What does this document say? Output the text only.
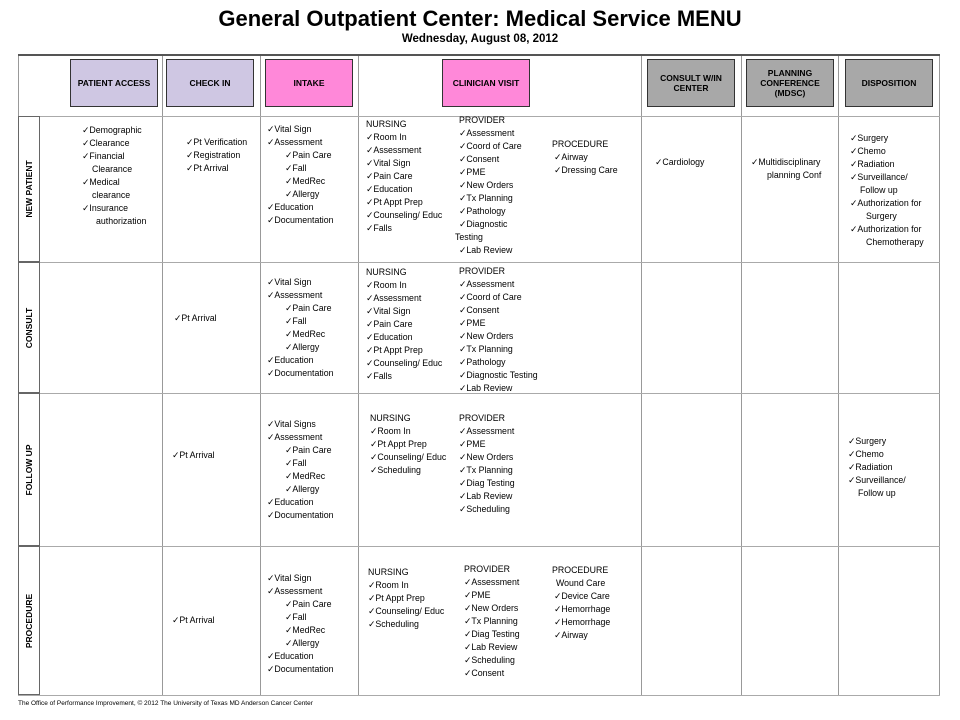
General Outpatient Center: Medical Service MENU
Wednesday, August 08, 2012
PATIENT ACCESS	CHECK IN	INTAKE	CLINICIAN VISIT	CONSULT W/IN CENTER
PLANNING CONFERENCE (MDSC)
DISPOSITION
NEW PATIENT
CONSULT
FOLLOW UP
PROCEDURE
✓ Demographic
✓ Clearance
✓ Financial
Clearance
✓ Medical
clearance
✓ Insurance
authorization
✓ Pt Verification
✓ Registration
✓ Pt Arrival
✓ Vital Sign
✓ Assessment
✓ Pain Care
✓ Fall
✓ MedRec
✓ Allergy
✓ Education
✓ Documentation
NURSING
✓ Room In
✓ Assessment
✓ Vital Sign
✓ Pain Care
✓ Education
✓ Pt Appt Prep
✓ Counseling/ Educ
✓ Falls
PROVIDER
✓ Assessment
✓ Coord of Care
✓ Consent
✓ PME
✓ New Orders
✓ Tx Planning
✓ Pathology
✓ Diagnostic
Testing
✓ Lab Review
PROCEDURE
✓ Airway
✓ Dressing Care
✓ Cardiology
✓	Multidisciplinary
planning Conf
✓ Surgery
✓ Chemo
✓ Radiation
✓ Surveillance/
Follow up
✓ Authorization for
Surgery
✓ Authorization for
Chemotherapy
✓ Pt Arrival
✓ Vital Sign
✓ Assessment
✓ Pain Care
✓ Fall
✓ MedRec
✓ Allergy
✓ Education
✓ Documentation
NURSING
✓ Room In
✓ Assessment
✓ Vital Sign
✓ Pain Care
✓ Education
✓ Pt Appt Prep
✓ Counseling/ Educ
✓ Falls
PROVIDER
✓ Assessment
✓ Coord of Care
✓ Consent
✓ PME
✓ New Orders
✓ Tx Planning
✓ Pathology
✓ Diagnostic Testing
✓ Lab Review
✓ Pt Arrival
✓ Vital Signs
✓ Assessment
✓ Pain Care
✓ Fall
✓ MedRec
✓ Allergy
✓ Education
✓ Documentation
NURSING
✓ Room In
✓ Pt Appt Prep
✓ Counseling/ Educ
✓ Scheduling
PROVIDER
✓ Assessment
✓ PME
✓ New Orders
✓ Tx Planning
✓ Diag Testing
✓ Lab Review
✓ Scheduling
✓ Surgery
✓ Chemo
✓ Radiation
✓ Surveillance/
Follow up
✓ Pt Arrival
✓ Vital Sign
✓ Assessment
✓ Pain Care
✓ Fall
✓ MedRec
✓ Allergy
✓ Education
✓ Documentation
NURSING
✓ Room In
✓ Pt Appt Prep
✓ Counseling/ Educ
✓ Scheduling
PROVIDER
✓ Assessment
✓ PME
✓ New Orders
✓ Tx Planning
✓ Diag Testing
✓ Lab Review
✓ Scheduling
✓ Consent
PROCEDURE
Wound Care
✓ Device Care
✓ Hemorrhage
✓ Hemorrhage
✓ Airway
The Office of Performance Improvement, © 2012 The University of Texas MD Anderson Cancer Center
